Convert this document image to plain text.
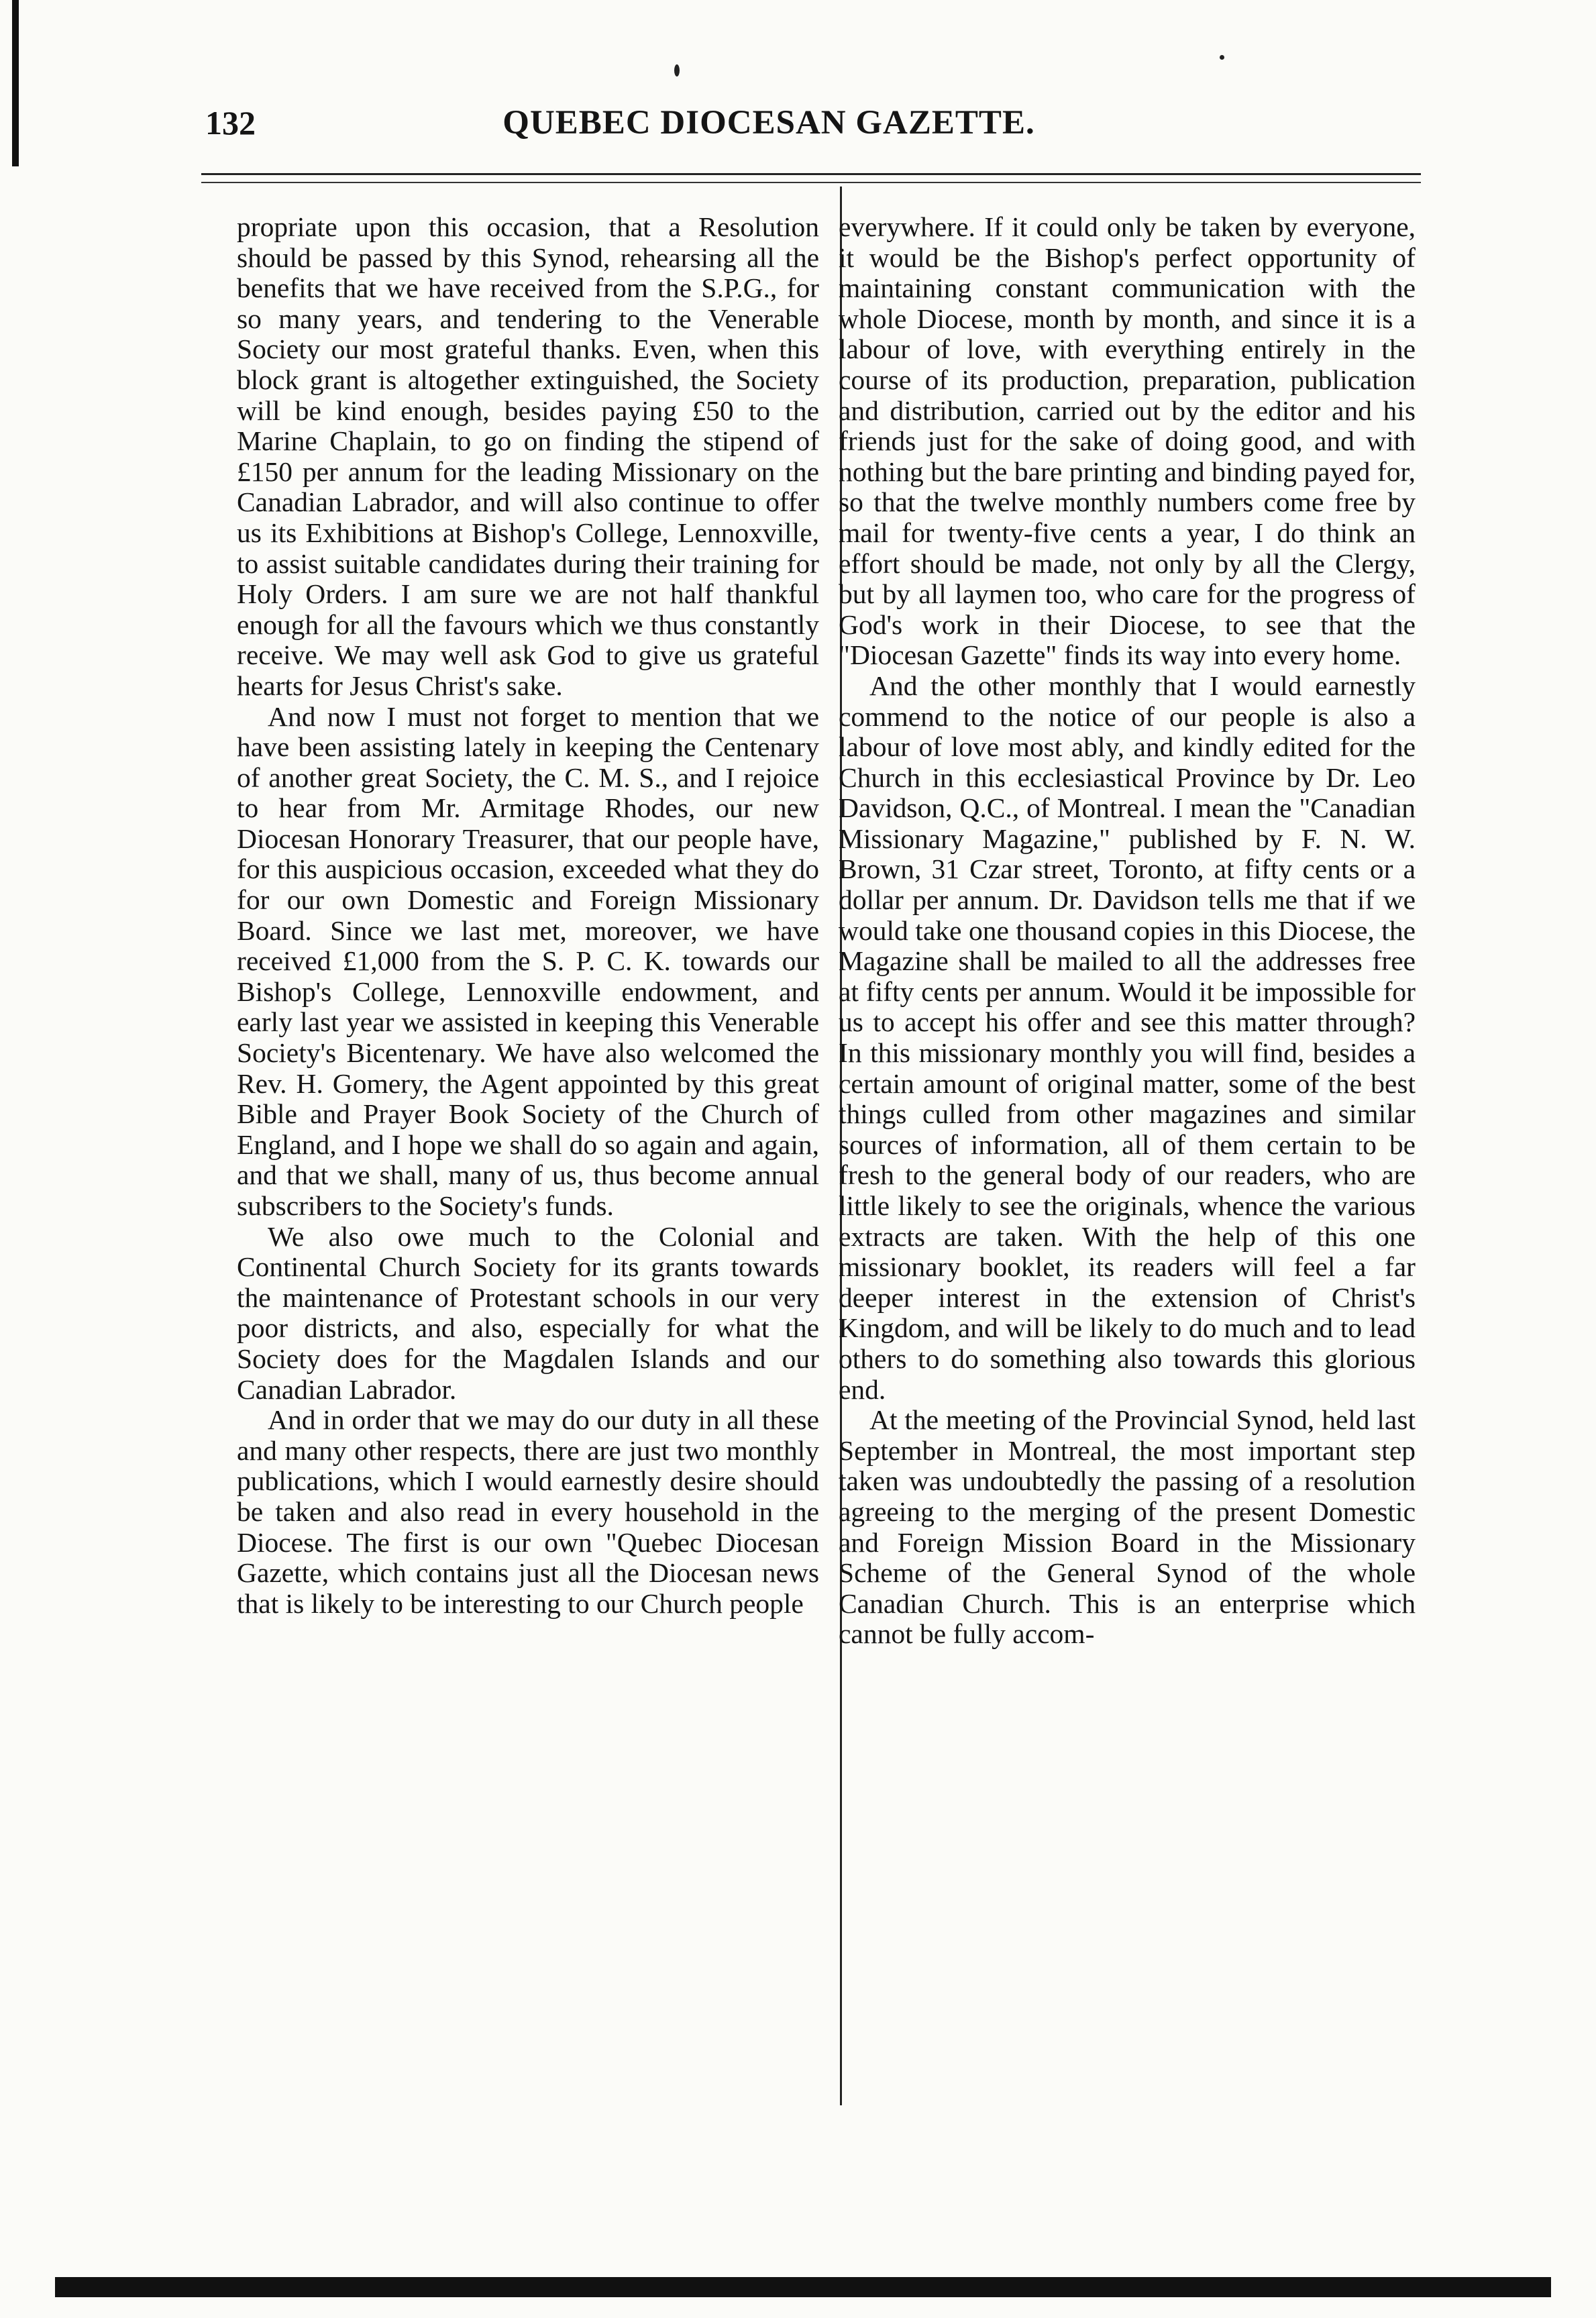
132	QUEBEC DIOCESAN GAZETTE.

propriate upon this occasion, that a Resolution should be passed by this Synod, rehearsing all the benefits that we have received from the S.P.G., for so many years, and tendering to the Venerable Society our most grateful thanks. Even, when this block grant is altogether extinguished, the Society will be kind enough, besides paying £50 to the Marine Chaplain, to go on finding the stipend of £150 per annum for the leading Missionary on the Canadian Labrador, and will also continue to offer us its Exhibitions at Bishop's College, Lennoxville, to assist suitable candidates during their training for Holy Orders. I am sure we are not half thankful enough for all the favours which we thus constantly receive. We may well ask God to give us grateful hearts for Jesus Christ's sake.

And now I must not forget to mention that we have been assisting lately in keeping the Centenary of another great Society, the C. M. S., and I rejoice to hear from Mr. Armitage Rhodes, our new Diocesan Honorary Treasurer, that our people have, for this auspicious occasion, exceeded what they do for our own Domestic and Foreign Missionary Board. Since we last met, moreover, we have received £1,000 from the S. P. C. K. towards our Bishop's College, Lennoxville endowment, and early last year we assisted in keeping this Venerable Society's Bicentenary. We have also welcomed the Rev. H. Gomery, the Agent appointed by this great Bible and Prayer Book Society of the Church of England, and I hope we shall do so again and again, and that we shall, many of us, thus become annual subscribers to the Society's funds.

We also owe much to the Colonial and Continental Church Society for its grants towards the maintenance of Protestant schools in our very poor districts, and also, especially for what the Society does for the Magdalen Islands and our Canadian Labrador.

And in order that we may do our duty in all these and many other respects, there are just two monthly publications, which I would earnestly desire should be taken and also read in every household in the Diocese. The first is our own "Quebec Diocesan Gazette, which contains just all the Diocesan news that is likely to be interesting to our Church people

everywhere. If it could only be taken by everyone, it would be the Bishop's perfect opportunity of maintaining constant communication with the whole Diocese, month by month, and since it is a labour of love, with everything entirely in the course of its production, preparation, publication and distribution, carried out by the editor and his friends just for the sake of doing good, and with nothing but the bare printing and binding payed for, so that the twelve monthly numbers come free by mail for twenty-five cents a year, I do think an effort should be made, not only by all the Clergy, but by all laymen too, who care for the progress of God's work in their Diocese, to see that the "Diocesan Gazette" finds its way into every home.

And the other monthly that I would earnestly commend to the notice of our people is also a labour of love most ably, and kindly edited for the Church in this ecclesiastical Province by Dr. Leo Davidson, Q.C., of Montreal. I mean the "Canadian Missionary Magazine," published by F. N. W. Brown, 31 Czar street, Toronto, at fifty cents or a dollar per annum. Dr. Davidson tells me that if we would take one thousand copies in this Diocese, the Magazine shall be mailed to all the addresses free at fifty cents per annum. Would it be impossible for us to accept his offer and see this matter through? In this missionary monthly you will find, besides a certain amount of original matter, some of the best things culled from other magazines and similar sources of information, all of them certain to be fresh to the general body of our readers, who are little likely to see the originals, whence the various extracts are taken. With the help of this one missionary booklet, its readers will feel a far deeper interest in the extension of Christ's Kingdom, and will be likely to do much and to lead others to do something also towards this glorious end.

At the meeting of the Provincial Synod, held last September in Montreal, the most important step taken was undoubtedly the passing of a resolution agreeing to the merging of the present Domestic and Foreign Mission Board in the Missionary Scheme of the General Synod of the whole Canadian Church. This is an enterprise which cannot be fully accom-
